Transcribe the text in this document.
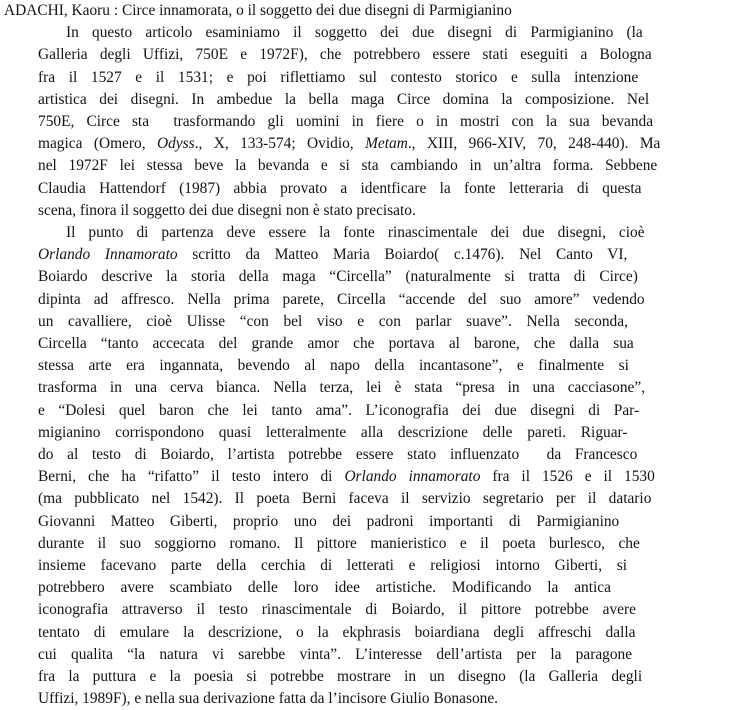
ADACHI, Kaoru : Circe innamorata, o il soggetto dei due disegni di Parmigianino
In questo articolo esaminiamo il soggetto dei due disegni di Parmigianino (la
Galleria degli Uffizi, 750E e 1972F), che potrebbero essere stati eseguiti a Bologna
fra il 1527 e il 1531; e poi riflettiamo sul contesto storico e sulla intenzione
artistica dei disegni. In ambedue la bella maga Circe domina la composizione. Nel
750E, Circe sta  trasformando gli uomini in fiere o in mostri con la sua bevanda
magica (Omero, Odyss., X, 133-574; Ovidio, Metam., XIII, 966-XIV, 70, 248-440). Ma
nel 1972F lei stessa beve la bevanda e si sta cambiando in un’altra forma. Sebbene
Claudia Hattendorf (1987) abbia provato a identficare la fonte letteraria di questa
scena, finora il soggetto dei due disegni non è stato precisato.
Il punto di partenza deve essere la fonte rinascimentale dei due disegni, cioè
Orlando Innamorato scritto da Matteo Maria Boiardo( c.1476). Nel Canto VI,
Boiardo descrive la storia della maga “Circella” (naturalmente si tratta di Circe)
dipinta ad affresco. Nella prima parete, Circella “accende del suo amore” vedendo
un cavalliere, cioè Ulisse “con bel viso e con parlar suave”. Nella seconda,
Circella “tanto accecata del grande amor che portava al barone, che dalla sua
stessa arte era ingannata, bevendo al napo della incantasone”, e finalmente si
trasforma in una cerva bianca. Nella terza, lei è stata “presa in una cacciasone”,
e “Dolesi quel baron che lei tanto ama”. L’iconografia dei due disegni di Par-
migianino corrispondono quasi letteralmente alla descrizione delle pareti. Riguar-
do al testo di Boiardo, l’artista potrebbe essere stato influenzato  da Francesco
Berni, che ha “rifatto” il testo intero di Orlando innamorato fra il 1526 e il 1530
(ma pubblicato nel 1542). Il poeta Berni faceva il servizio segretario per il datario
Giovanni Matteo Giberti, proprio uno dei padroni importanti di Parmigianino
durante il suo soggiorno romano. Il pittore manieristico e il poeta burlesco, che
insieme facevano parte della cerchia di letterati e religiosi intorno Giberti, si
potrebbero avere scambiato delle loro idee artistiche. Modificando la antica
iconografia attraverso il testo rinascimentale di Boiardo, il pittore potrebbe avere
tentato di emulare la descrizione, o la ekphrasis boiardiana degli affreschi dalla
cui qualita “la natura vi sarebbe vinta”. L’interesse dell’artista per la paragone
fra la puttura e la poesia si potrebbe mostrare in un disegno (la Galleria degli
Uffizi, 1989F), e nella sua derivazione fatta da l’incisore Giulio Bonasone.
